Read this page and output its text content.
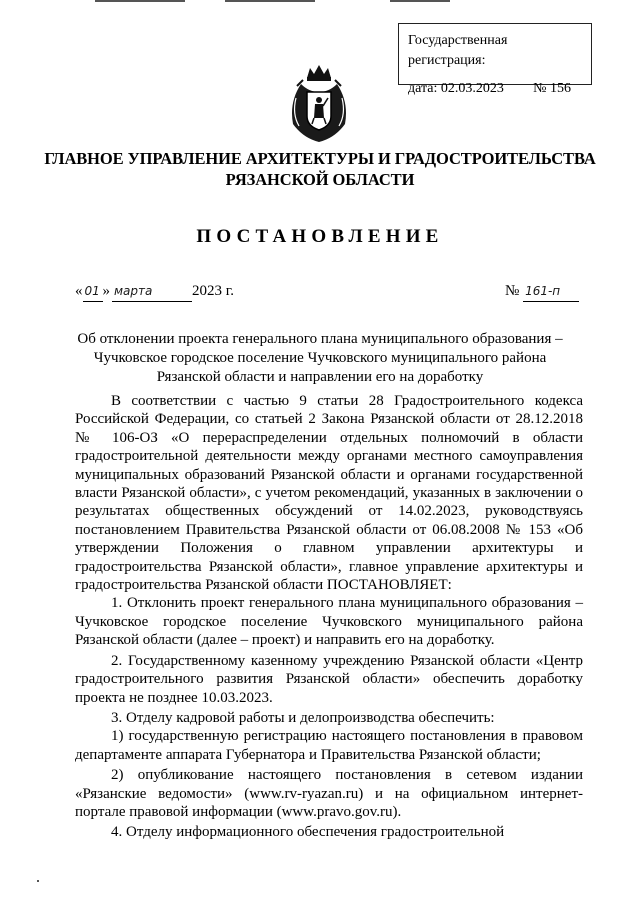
Государственная регистрация:
дата: 02.03.2023 № 156
ГЛАВНОЕ УПРАВЛЕНИЕ АРХИТЕКТУРЫ И ГРАДОСТРОИТЕЛЬСТВА
РЯЗАНСКОЙ ОБЛАСТИ
ПОСТАНОВЛЕНИЕ
« 01 » марта	2023 г.	№ 161-п
Об отклонении проекта генерального плана муниципального образования –
Чучковское городское поселение Чучковского муниципального района
Рязанской области и направлении его на доработку

В соответствии с частью 9 статьи 28 Градостроительного кодекса Российской Федерации, со статьей 2 Закона Рязанской области от 28.12.2018 № 106-ОЗ «О перераспределении отдельных полномочий в области градостроительной деятельности между органами местного самоуправления муниципальных образований Рязанской области и органами государственной власти Рязанской области», с учетом рекомендаций, указанных в заключении о результатах общественных обсуждений от 14.02.2023, руководствуясь постановлением Правительства Рязанской области от 06.08.2008 № 153 «Об утверждении Положения о главном управлении архитектуры и градостроительства Рязанской области», главное управление архитектуры и градостроительства Рязанской области ПОСТАНОВЛЯЕТ:

1. Отклонить проект генерального плана муниципального образования – Чучковское городское поселение Чучковского муниципального района Рязанской области (далее – проект) и направить его на доработку.

2. Государственному казенному учреждению Рязанской области «Центр градостроительного развития Рязанской области» обеспечить доработку проекта не позднее 10.03.2023.

3. Отделу кадровой работы и делопроизводства обеспечить:

1) государственную регистрацию настоящего постановления в правовом департаменте аппарата Губернатора и Правительства Рязанской области;

2) опубликование настоящего постановления в сетевом издании «Рязанские ведомости» (www.rv-ryazan.ru) и на официальном интернет-портале правовой информации (www.pravo.gov.ru).

4. Отделу информационного обеспечения градостроительной
